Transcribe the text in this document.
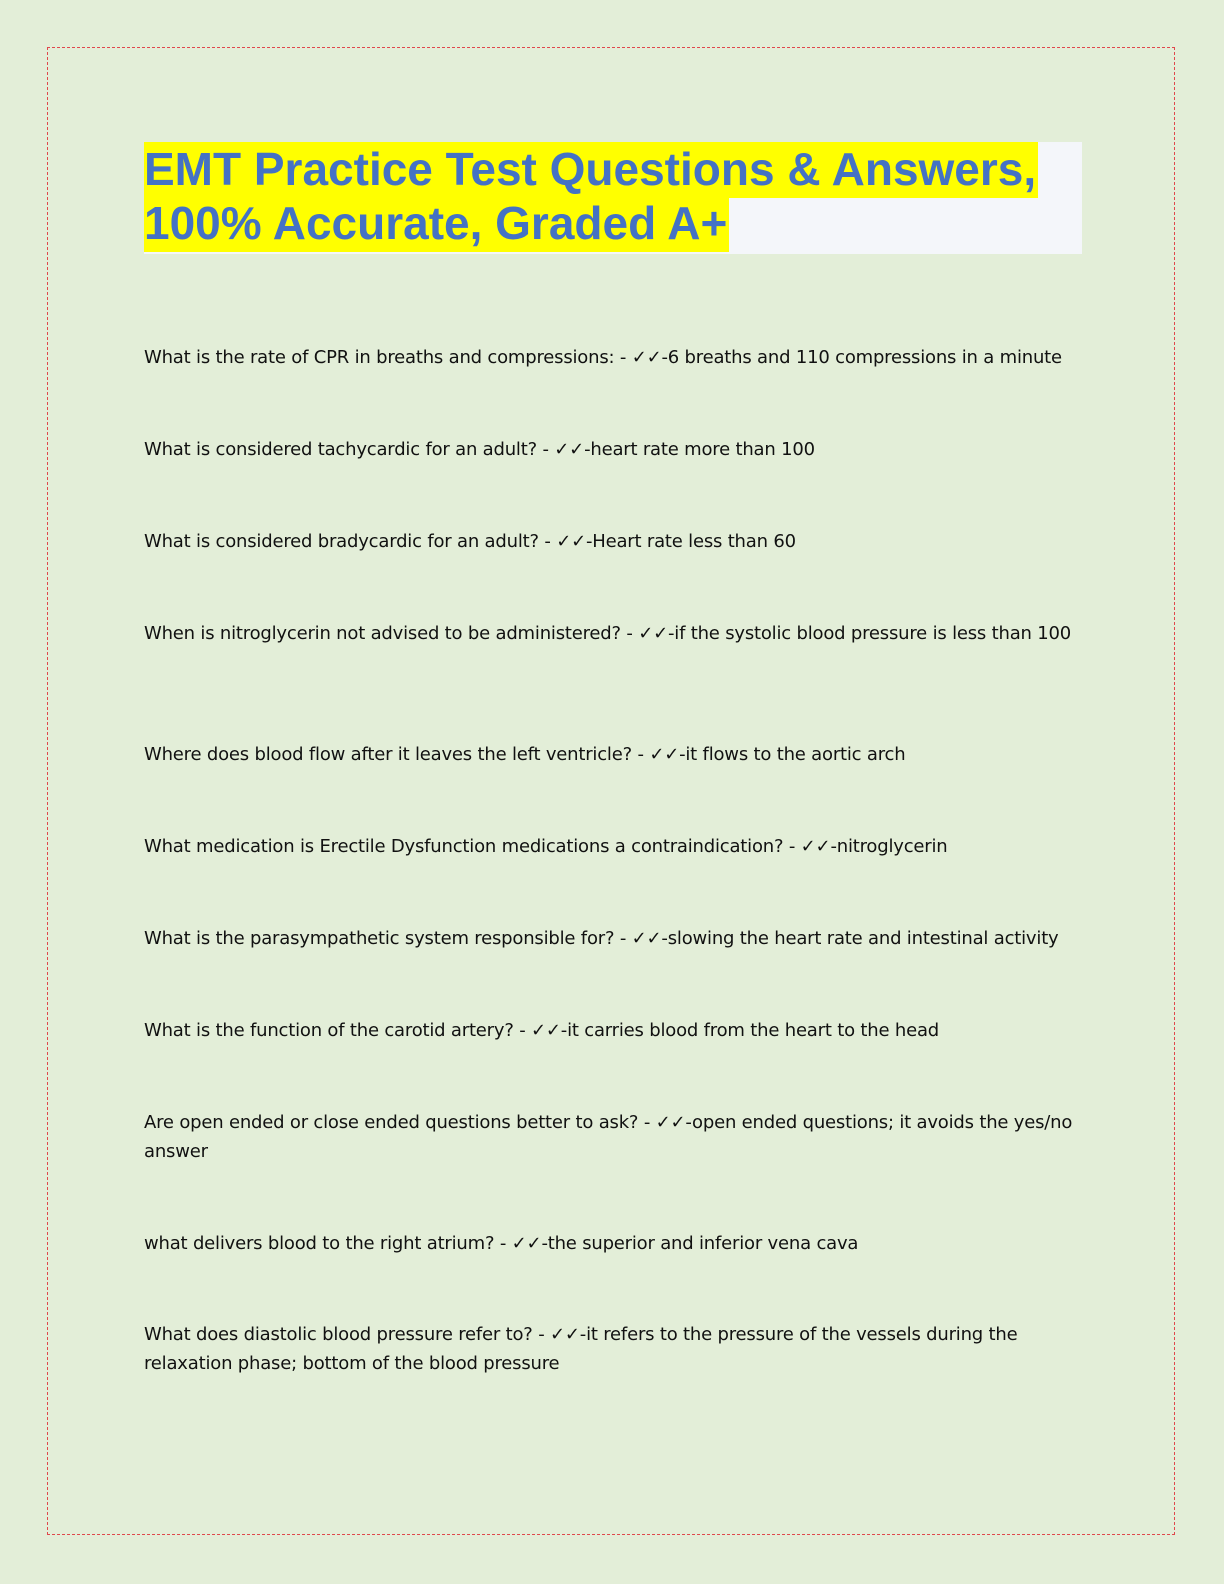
EMT Practice Test Questions & Answers,
100% Accurate, Graded A+
What is the rate of CPR in breaths and compressions: - ✓✓-6 breaths and 110 compressions in a minute
What is considered tachycardic for an adult? - ✓✓-heart rate more than 100
What is considered bradycardic for an adult? - ✓✓-Heart rate less than 60
When is nitroglycerin not advised to be administered? - ✓✓-if the systolic blood pressure is less than 100
Where does blood flow after it leaves the left ventricle? - ✓✓-it flows to the aortic arch
What medication is Erectile Dysfunction medications a contraindication? - ✓✓-nitroglycerin
What is the parasympathetic system responsible for? - ✓✓-slowing the heart rate and intestinal activity
What is the function of the carotid artery? - ✓✓-it carries blood from the heart to the head
Are open ended or close ended questions better to ask? - ✓✓-open ended questions; it avoids the yes/no answer
what delivers blood to the right atrium? - ✓✓-the superior and inferior vena cava
What does diastolic blood pressure refer to? - ✓✓-it refers to the pressure of the vessels during the relaxation phase; bottom of the blood pressure
